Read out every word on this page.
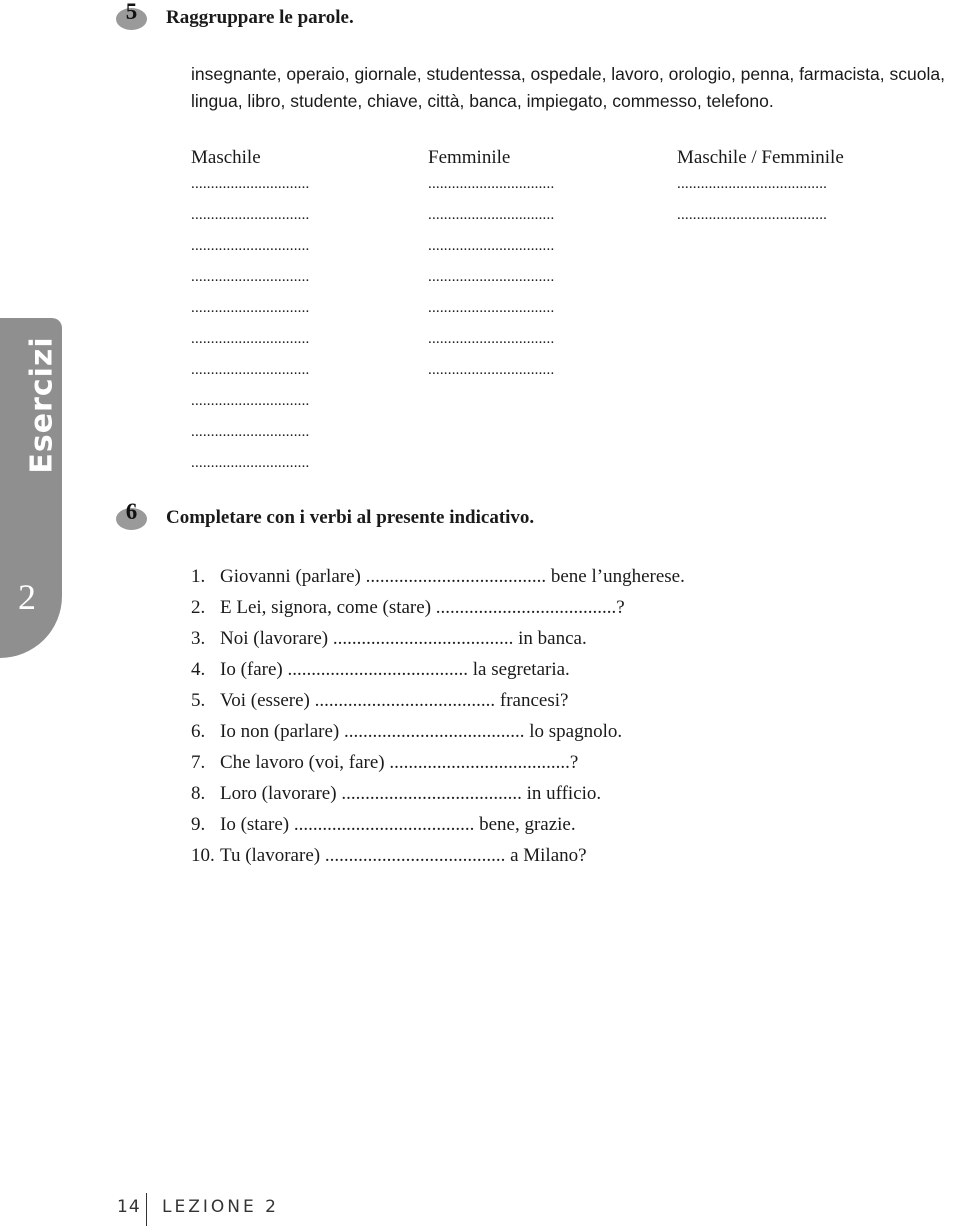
Esercizi
2
5	Raggruppare le parole.
insegnante, operaio, giornale, studentessa, ospedale, lavoro, orologio, penna, farmacista, scuola, lingua, libro, studente, chiave, città, banca, impiegato, commesso, telefono.
Maschile
..............................
..............................
..............................
..............................
..............................
..............................
..............................
..............................
..............................
..............................
Femminile
................................
................................
................................
................................
................................
................................
................................
Maschile / Femminile
......................................
......................................
6	Completare con i verbi al presente indicativo.
1. Giovanni (parlare) ...................................... bene l’ungherese.
2. E Lei, signora, come (stare) ......................................?
3. Noi (lavorare) ...................................... in banca.
4. Io (fare) ...................................... la segretaria.
5. Voi (essere) ...................................... francesi?
6. Io non (parlare) ...................................... lo spagnolo.
7. Che lavoro (voi, fare) ......................................?
8. Loro (lavorare) ...................................... in ufficio.
9. Io (stare) ...................................... bene, grazie.
10. Tu (lavorare) ...................................... a Milano?
14 LEZIONE 2
